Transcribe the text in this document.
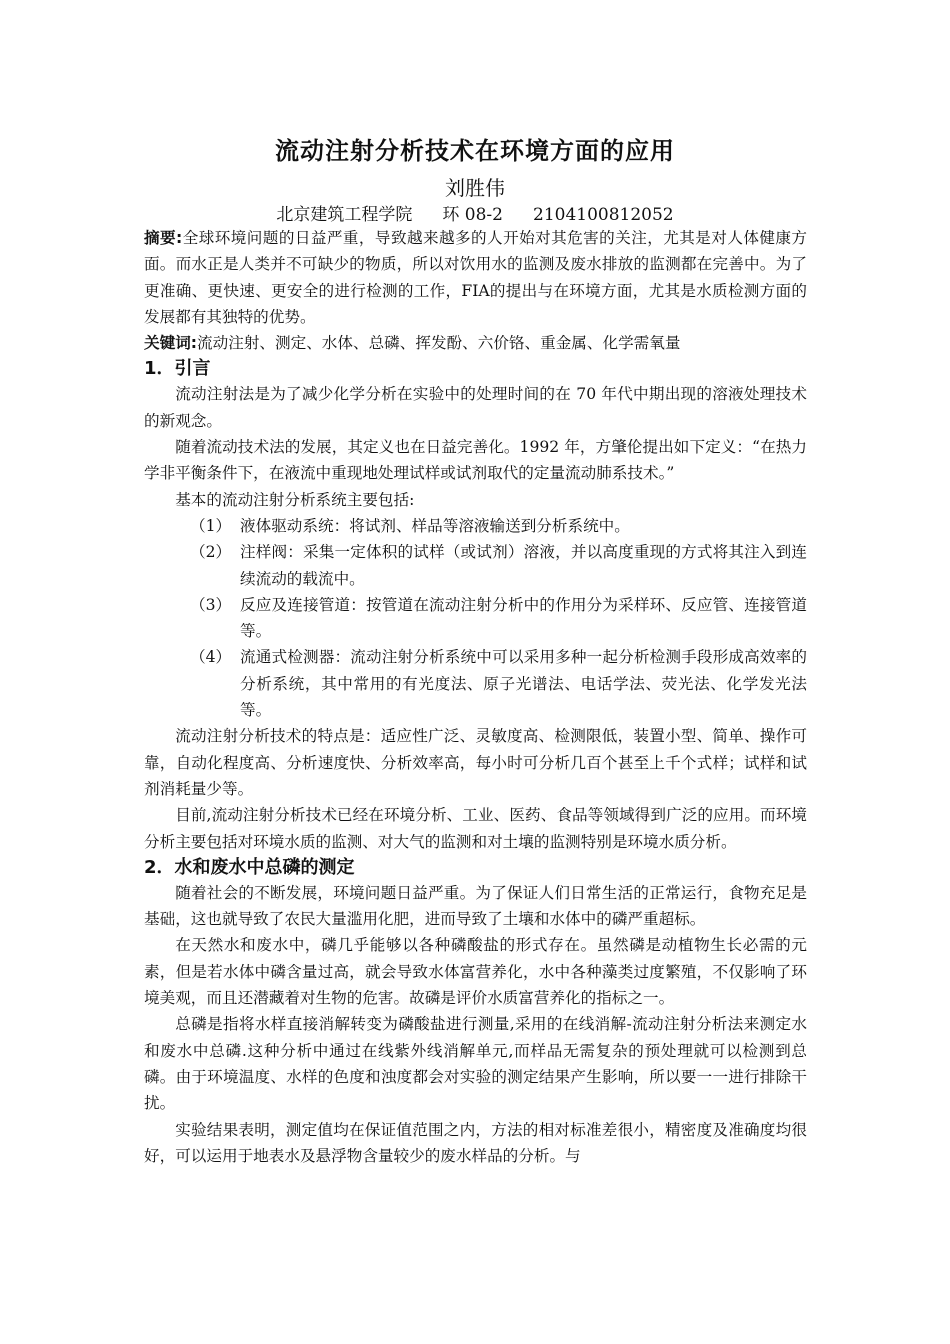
流动注射分析技术在环境方面的应用
刘胜伟
北京建筑工程学院 环 08-2 2104100812052

摘要:全球环境问题的日益严重，导致越来越多的人开始对其危害的关注，尤其是对人体健康方面。而水正是人类并不可缺少的物质，所以对饮用水的监测及废水排放的监测都在完善中。为了更准确、更快速、更安全的进行检测的工作，FIA的提出与在环境方面，尤其是水质检测方面的发展都有其独特的优势。

关键词:流动注射、测定、水体、总磷、挥发酚、六价铬、重金属、化学需氧量

1．引言

流动注射法是为了减少化学分析在实验中的处理时间的在 70 年代中期出现的溶液处理技术的新观念。

随着流动技术法的发展，其定义也在日益完善化。1992 年，方肇伦提出如下定义：“在热力学非平衡条件下，在液流中重现地处理试样或试剂取代的定量流动肺系技术。”

基本的流动注射分析系统主要包括:

（1） 液体驱动系统：将试剂、样品等溶液输送到分析系统中。
（2） 注样阀：采集一定体积的试样（或试剂）溶液，并以高度重现的方式将其注入到连续流动的载流中。
（3） 反应及连接管道：按管道在流动注射分析中的作用分为采样环、反应管、连接管道等。
（4） 流通式检测器：流动注射分析系统中可以采用多种一起分析检测手段形成高效率的分析系统，其中常用的有光度法、原子光谱法、电话学法、荧光法、化学发光法等。

流动注射分析技术的特点是：适应性广泛、灵敏度高、检测限低，装置小型、简单、操作可靠，自动化程度高、分析速度快、分析效率高，每小时可分析几百个甚至上千个式样；试样和试剂消耗量少等。

目前,流动注射分析技术已经在环境分析、工业、医药、食品等领域得到广泛的应用。而环境分析主要包括对环境水质的监测、对大气的监测和对土壤的监测特别是环境水质分析。

2．水和废水中总磷的测定

随着社会的不断发展，环境问题日益严重。为了保证人们日常生活的正常运行，食物充足是基础，这也就导致了农民大量滥用化肥，进而导致了土壤和水体中的磷严重超标。

在天然水和废水中，磷几乎能够以各种磷酸盐的形式存在。虽然磷是动植物生长必需的元素，但是若水体中磷含量过高，就会导致水体富营养化，水中各种藻类过度繁殖，不仅影响了环境美观，而且还潜藏着对生物的危害。故磷是评价水质富营养化的指标之一。

总磷是指将水样直接消解转变为磷酸盐进行测量,采用的在线消解-流动注射分析法来测定水和废水中总磷.这种分析中通过在线紫外线消解单元,而样品无需复杂的预处理就可以检测到总磷。由于环境温度、水样的色度和浊度都会对实验的测定结果产生影响，所以要一一进行排除干扰。

实验结果表明，测定值均在保证值范围之内，方法的相对标准差很小，精密度及准确度均很好，可以运用于地表水及悬浮物含量较少的废水样品的分析。与
